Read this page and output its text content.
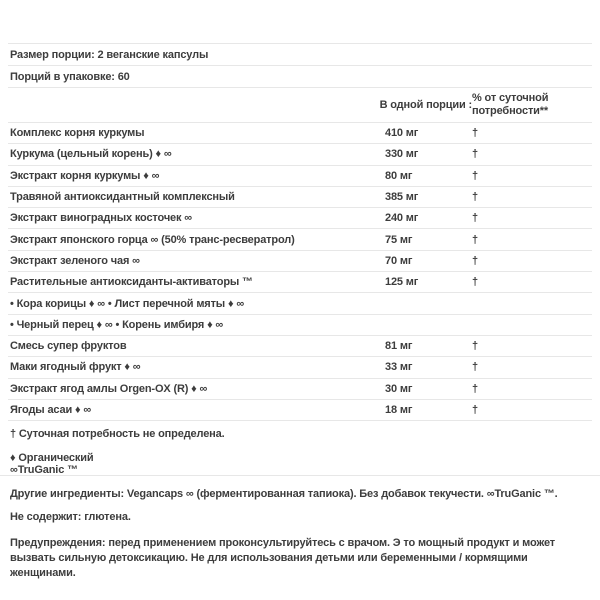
Размер порции: 2 веганские капсулы
Порций в упаковке: 60
В одной порции :
% от суточной потребности**
Комплекс корня куркумы	410 мг	†
Куркума (цельный корень) ♦ ∞	330 мг	†
Экстракт корня куркумы ♦ ∞	80 мг	†
Травяной антиоксидантный комплексный	385 мг	†
Экстракт виноградных косточек ∞	240 мг	†
Экстракт японского горца ∞ (50% транс-ресвератрол)	75 мг	†
Экстракт зеленого чая ∞	70 мг	†
Растительные антиоксиданты-активаторы ™	125 мг	†
• Кора корицы ♦ ∞ • Лист перечной мяты ♦ ∞
• Черный перец ♦ ∞ • Корень имбиря ♦ ∞
Смесь супер фруктов	81 мг	†
Маки ягодный фрукт ♦ ∞	33 мг	†
Экстракт ягод амлы Orgen-OX (R) ♦ ∞	30 мг	†
Ягоды асаи ♦ ∞	18 мг	†

† Суточная потребность не определена.

♦ Органический

∞TruGanic ™

Другие ингредиенты: Vegancaps ∞ (ферментированная тапиока). Без добавок текучести. ∞TruGanic ™.

Не содержит: глютена.

Предупреждения: перед применением проконсультируйтесь с врачом. Э то мощный продукт и может вызвать сильную детоксикацию. Не для использования детьми или беременными / кормящими женщинами.
